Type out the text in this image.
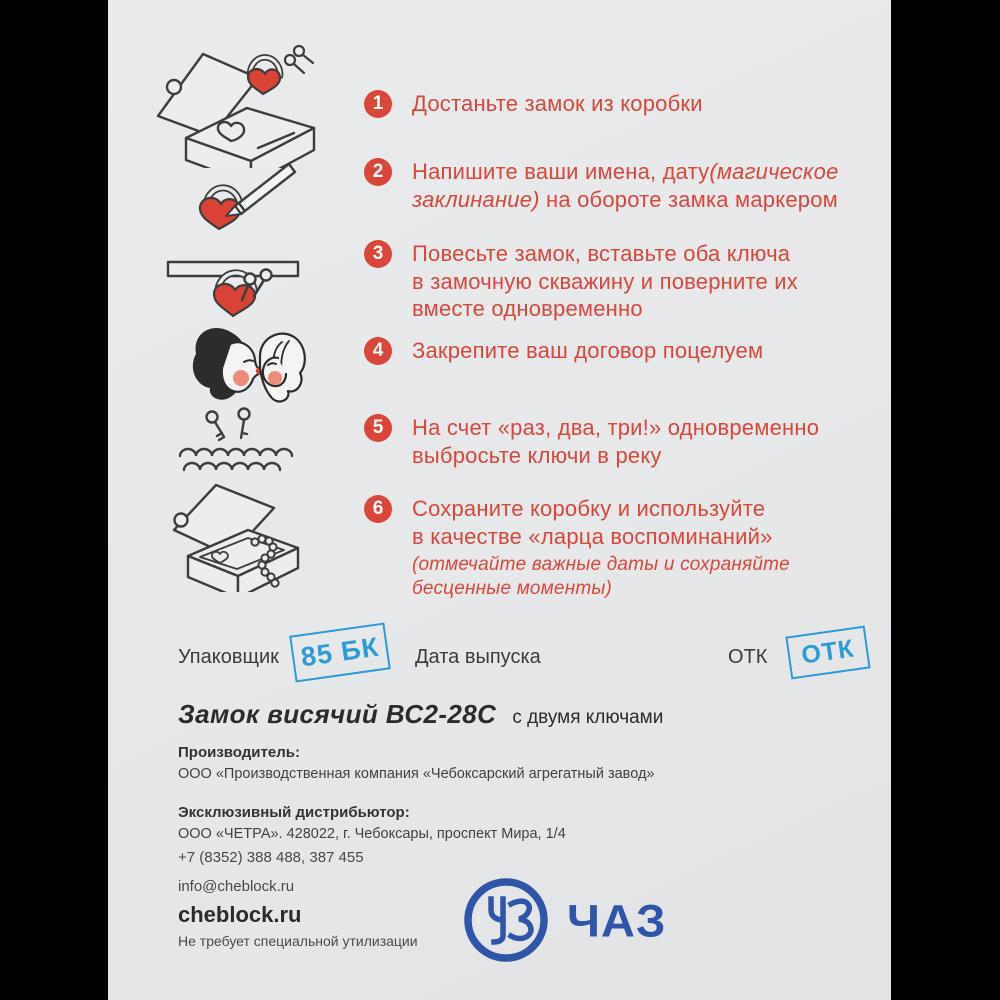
1
2
3
4
5
6
Достаньте замок из коробки
Напишите ваши имена, дату(магическое
заклинание) на обороте замка маркером
Повесьте замок, вставьте оба ключа
в замочную скважину и поверните их
вместе одновременно
Закрепите ваш договор поцелуем
На счет «раз, два, три!» одновременно
выбросьте ключи в реку
Сохраните коробку и используйте
в качестве «ларца воспоминаний»
(отмечайте важные даты и сохраняйте
бесценные моменты)
Упаковщик 85 БК	Дата выпуска	ОТК	ОТК
Замок висячий ВС2-28С с двумя ключами
Производитель:
ООО «Производственная компания «Чебоксарский агрегатный завод»
Эксклюзивный дистрибьютор:
ООО «ЧЕТРА». 428022, г. Чебоксары, проспект Мира, 1/4
+7 (8352) 388 488, 387 455
info@cheblock.ru
cheblock.ru
Не требует специальной утилизации	ЧАЗ
